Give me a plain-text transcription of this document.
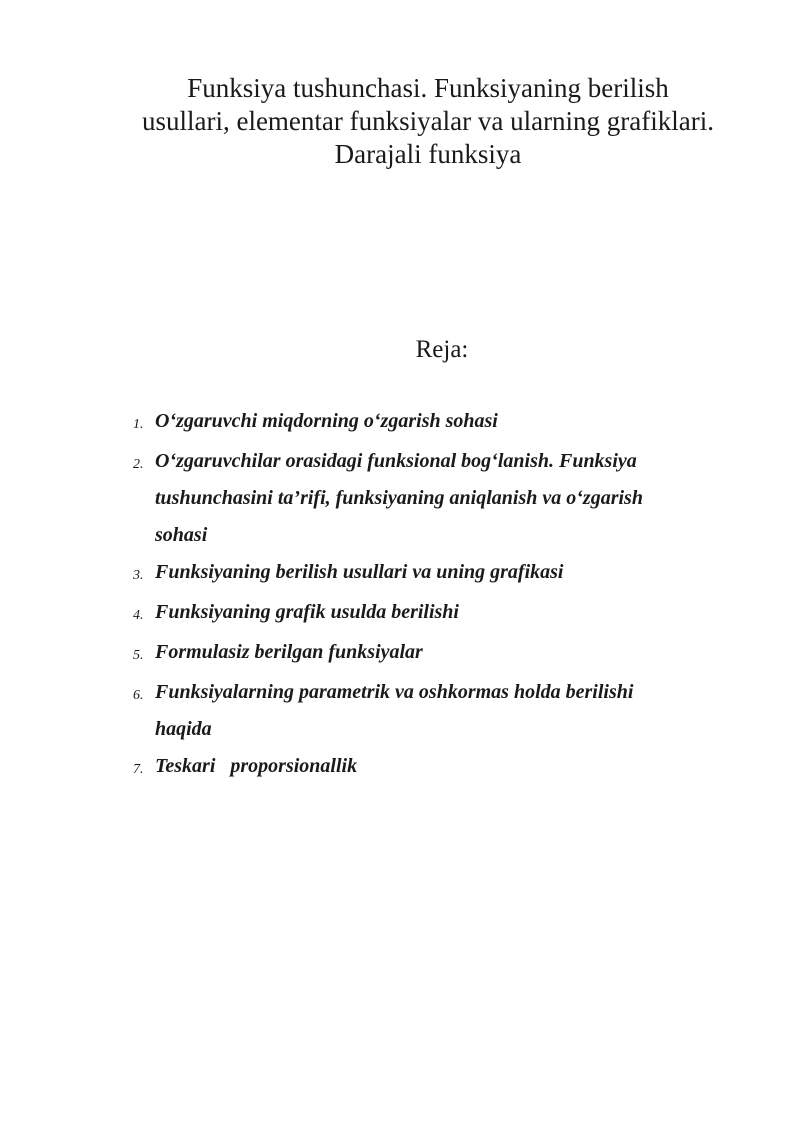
Funksiya tushunchasi. Funksiyaning berilish
usullari, elementar funksiyalar va ularning grafiklari.
Darajali funksiya
Reja:
1. O‘zgaruvchi miqdorning o‘zgarish sohasi
2. O‘zgaruvchilar orasidagi funksional bog‘lanish. Funksiya
tushunchasini ta’rifi, funksiyaning aniqlanish va o‘zgarish
sohasi
3. Funksiyaning berilish usullari va uning grafikasi
4. Funksiyaning grafik usulda berilishi
5. Formulasiz berilgan funksiyalar
6. Funksiyalarning parametrik va oshkormas holda berilishi
haqida
7. Teskari   proporsionallik
